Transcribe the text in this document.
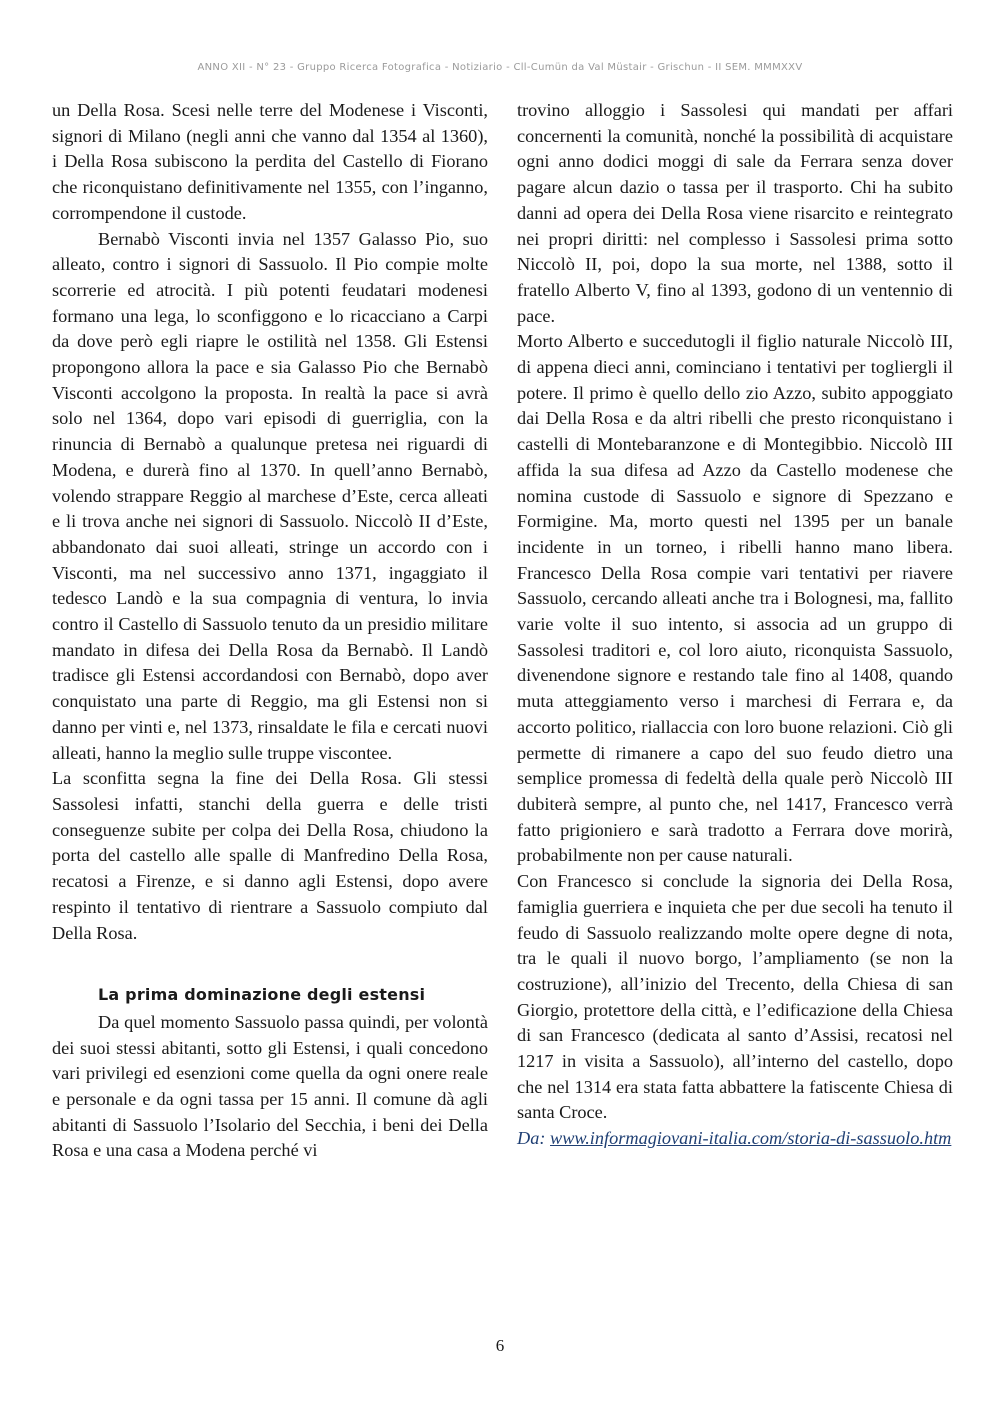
ANNO XII - N° 23 - Gruppo Ricerca Fotografica - Notiziario - Cll-Cumün da Val Müstair - Grischun - II SEM. MMMXXV

un Della Rosa. Scesi nelle terre del Modenese i Visconti, signori di Milano (negli anni che vanno dal 1354 al 1360), i Della Rosa subiscono la perdita del Castello di Fiorano che riconquistano definitivamente nel 1355, con l’inganno, corrompendone il custode.

Bernabò Visconti invia nel 1357 Galasso Pio, suo alleato, contro i signori di Sassuolo. Il Pio compie molte scorrerie ed atrocità. I più potenti feudatari modenesi formano una lega, lo sconfiggono e lo ricacciano a Carpi da dove però egli riapre le ostilità nel 1358. Gli Estensi propongono allora la pace e sia Galasso Pio che Bernabò Visconti accolgono la proposta. In realtà la pace si avrà solo nel 1364, dopo vari episodi di guerriglia, con la rinuncia di Bernabò a qualunque pretesa nei riguardi di Modena, e durerà fino al 1370. In quell’anno Bernabò, volendo strappare Reggio al marchese d’Este, cerca alleati e li trova anche nei signori di Sassuolo. Niccolò II d’Este, abbandonato dai suoi alleati, stringe un accordo con i Visconti, ma nel successivo anno 1371, ingaggiato il tedesco Landò e la sua compagnia di ventura, lo invia contro il Castello di Sassuolo tenuto da un presidio militare mandato in difesa dei Della Rosa da Bernabò. Il Landò tradisce gli Estensi accordandosi con Bernabò, dopo aver conquistato una parte di Reggio, ma gli Estensi non si danno per vinti e, nel 1373, rinsaldate le fila e cercati nuovi alleati, hanno la meglio sulle truppe viscontee.

La sconfitta segna la fine dei Della Rosa. Gli stessi Sassolesi infatti, stanchi della guerra e delle tristi conseguenze subite per colpa dei Della Rosa, chiudono la porta del castello alle spalle di Manfredino Della Rosa, recatosi a Firenze, e si danno agli Estensi, dopo avere respinto il tentativo di rientrare a Sassuolo compiuto dal Della Rosa.

La prima dominazione degli estensi

Da quel momento Sassuolo passa quindi, per volontà dei suoi stessi abitanti, sotto gli Estensi, i quali concedono vari privilegi ed esenzioni come quella da ogni onere reale e personale e da ogni tassa per 15 anni. Il comune dà agli abitanti di Sassuolo l’Isolario del Secchia, i beni dei Della Rosa e una casa a Modena perché vi

trovino alloggio i Sassolesi qui mandati per affari concernenti la comunità, nonché la possibilità di acquistare ogni anno dodici moggi di sale da Ferrara senza dover pagare alcun dazio o tassa per il trasporto. Chi ha subito danni ad opera dei Della Rosa viene risarcito e reintegrato nei propri diritti: nel complesso i Sassolesi prima sotto Niccolò II, poi, dopo la sua morte, nel 1388, sotto il fratello Alberto V, fino al 1393, godono di un ventennio di pace.

Morto Alberto e succedutogli il figlio naturale Niccolò III, di appena dieci anni, cominciano i tentativi per togliergli il potere. Il primo è quello dello zio Azzo, subito appoggiato dai Della Rosa e da altri ribelli che presto riconquistano i castelli di Montebaranzone e di Montegibbio. Niccolò III affida la sua difesa ad Azzo da Castello modenese che nomina custode di Sassuolo e signore di Spezzano e Formigine. Ma, morto questi nel 1395 per un banale incidente in un torneo, i ribelli hanno mano libera. Francesco Della Rosa compie vari tentativi per riavere Sassuolo, cercando alleati anche tra i Bolognesi, ma, fallito varie volte il suo intento, si associa ad un gruppo di Sassolesi traditori e, col loro aiuto, riconquista Sassuolo, divenendone signore e restando tale fino al 1408, quando muta atteggiamento verso i marchesi di Ferrara e, da accorto politico, riallaccia con loro buone relazioni. Ciò gli permette di rimanere a capo del suo feudo dietro una semplice promessa di fedeltà della quale però Niccolò III dubiterà sempre, al punto che, nel 1417, Francesco verrà fatto prigioniero e sarà tradotto a Ferrara dove morirà, probabilmente non per cause naturali.

Con Francesco si conclude la signoria dei Della Rosa, famiglia guerriera e inquieta che per due secoli ha tenuto il feudo di Sassuolo realizzando molte opere degne di nota, tra le quali il nuovo borgo, l’ampliamento (se non la costruzione), all’inizio del Trecento, della Chiesa di san Giorgio, protettore della città, e l’edificazione della Chiesa di san Francesco (dedicata al santo d’Assisi, recatosi nel 1217 in visita a Sassuolo), all’interno del castello, dopo che nel 1314 era stata fatta abbattere la fatiscente Chiesa di santa Croce.

Da: www.informagiovani-italia.com/storia-di-sassuolo.htm

6
